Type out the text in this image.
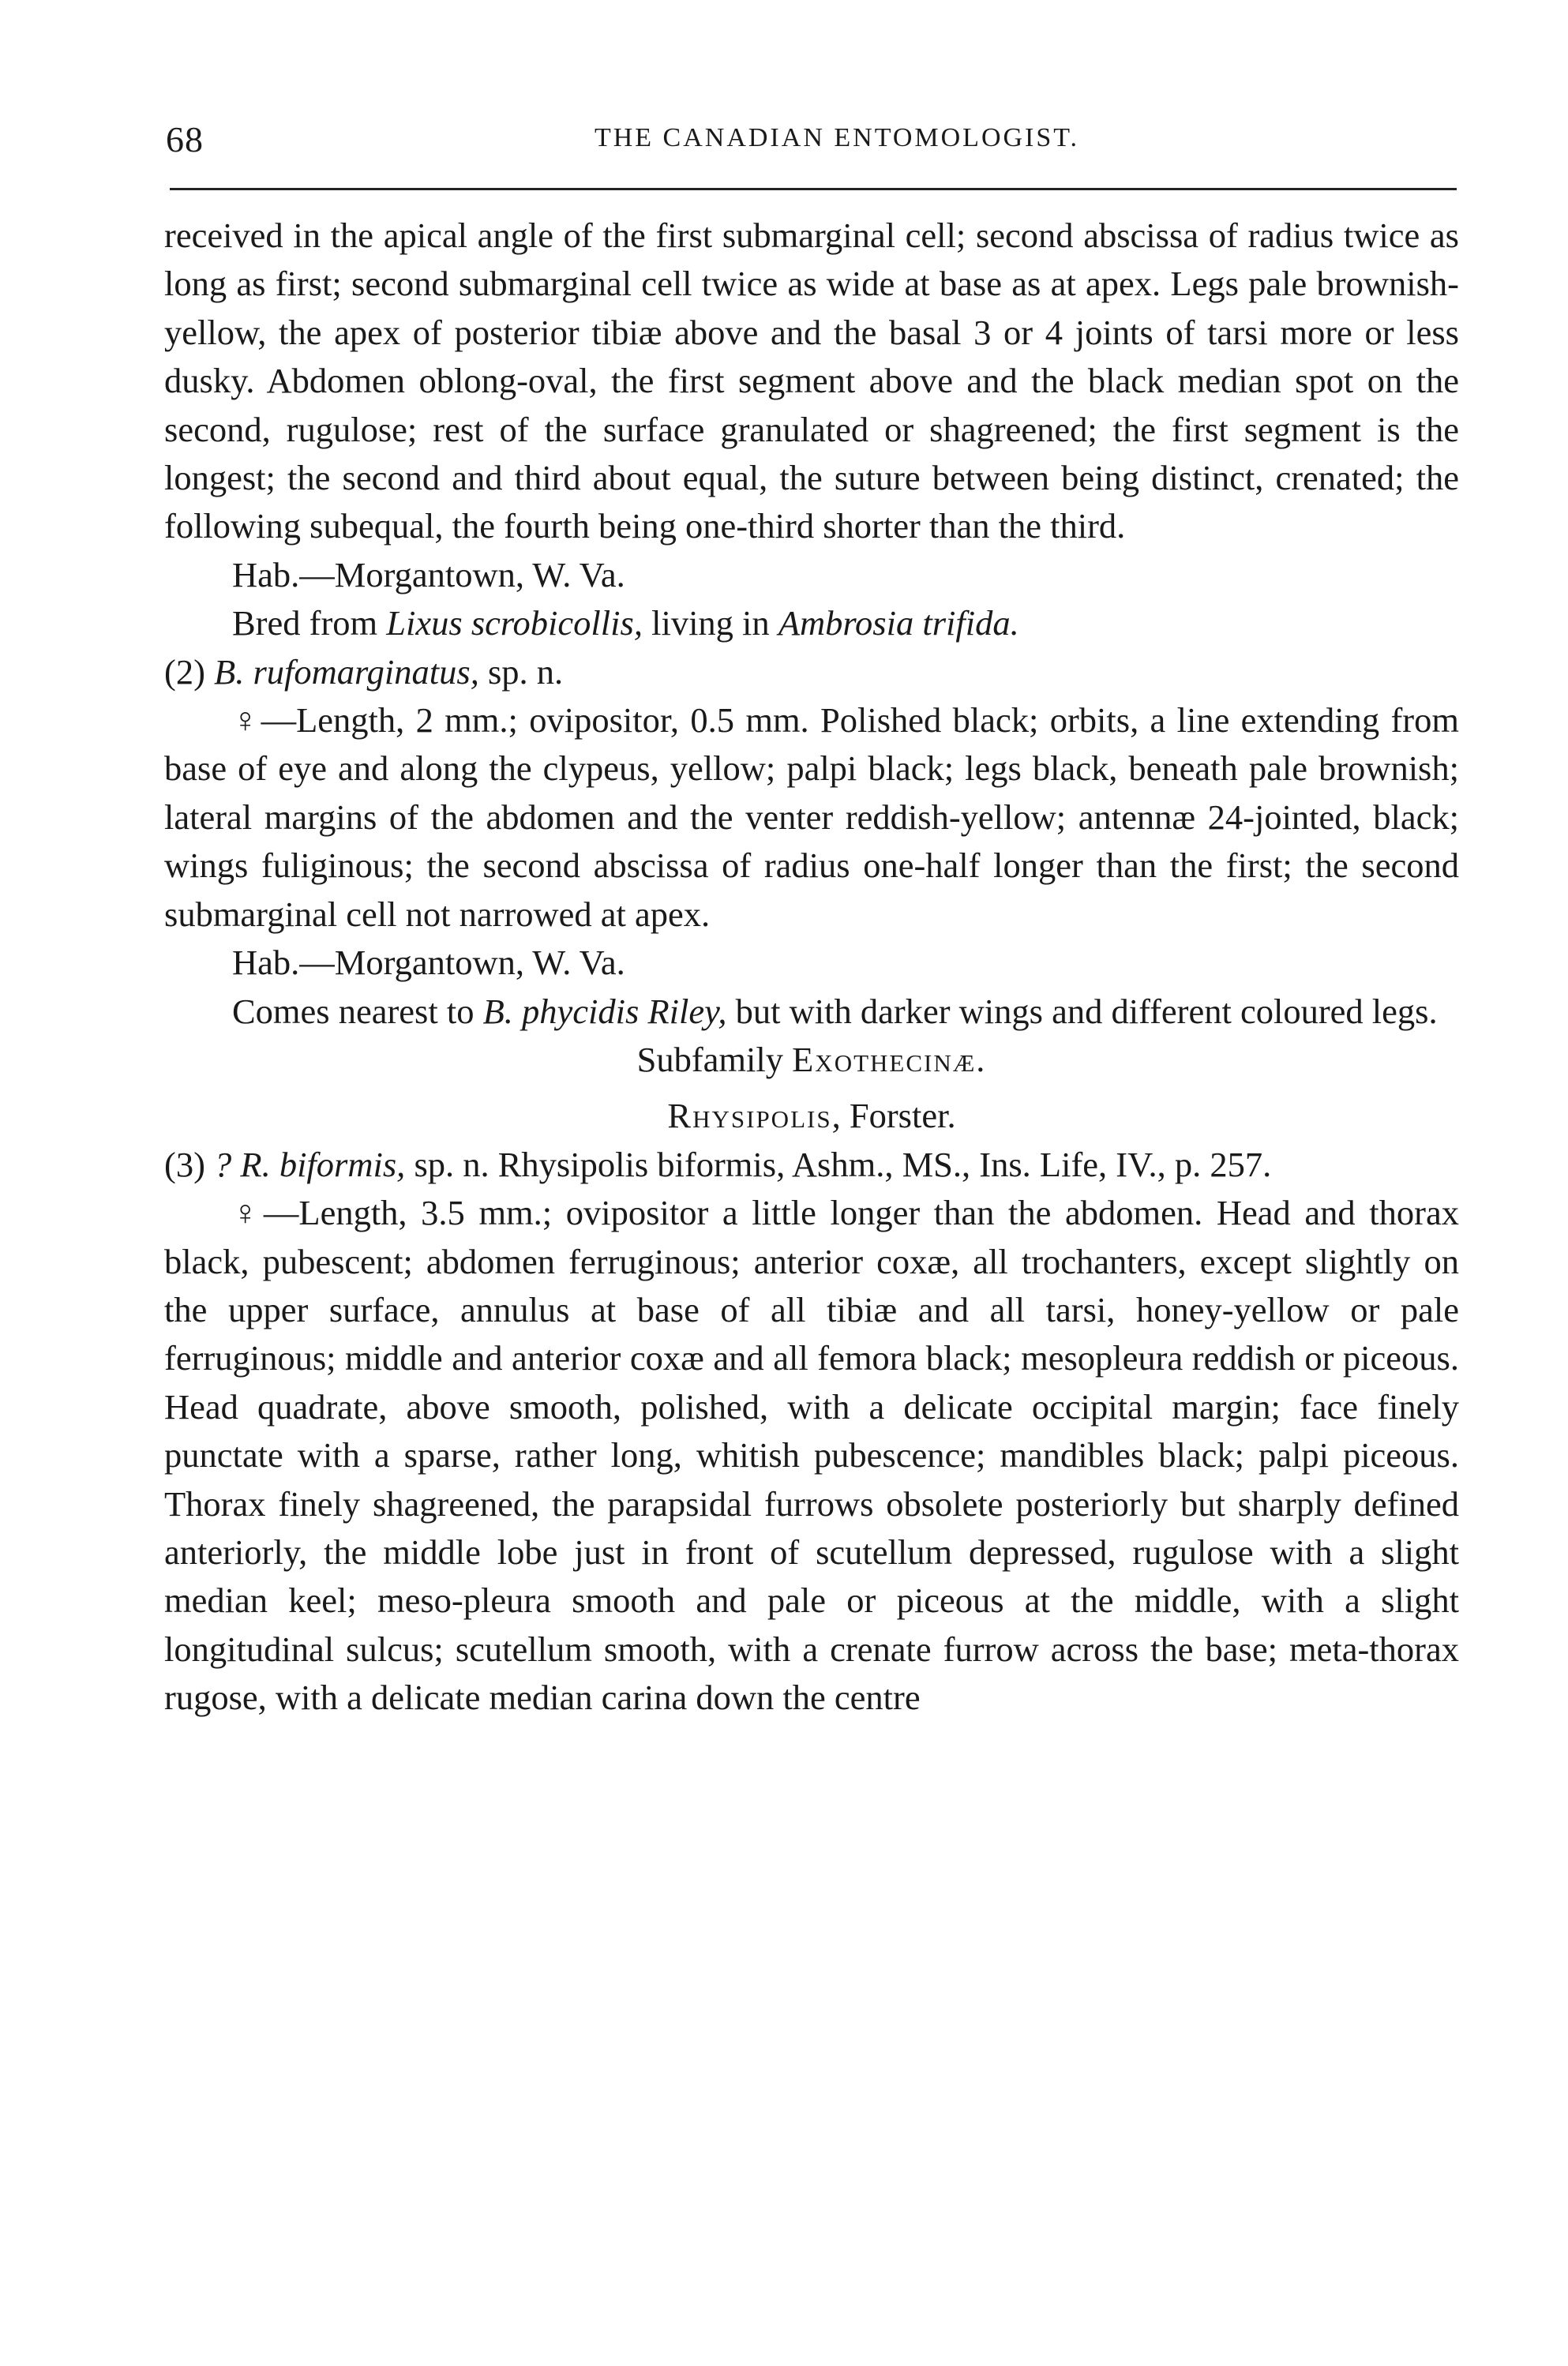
68	THE CANADIAN ENTOMOLOGIST.

received in the apical angle of the first submarginal cell; second abscissa of radius twice as long as first; second submarginal cell twice as wide at base as at apex. Legs pale brownish-yellow, the apex of posterior tibiæ above and the basal 3 or 4 joints of tarsi more or less dusky. Abdomen oblong-oval, the first segment above and the black median spot on the second, rugulose; rest of the surface granulated or shagreened; the first segment is the longest; the second and third about equal, the suture between being distinct, crenated; the following subequal, the fourth being one-third shorter than the third.

Hab.—Morgantown, W. Va.

Bred from Lixus scrobicollis, living in Ambrosia trifida.

(2) B. rufomarginatus, sp. n.

♀—Length, 2 mm.; ovipositor, 0.5 mm. Polished black; orbits, a line extending from base of eye and along the clypeus, yellow; palpi black; legs black, beneath pale brownish; lateral margins of the abdomen and the venter reddish-yellow; antennæ 24-jointed, black; wings fuliginous; the second abscissa of radius one-half longer than the first; the second submarginal cell not narrowed at apex.

Hab.—Morgantown, W. Va.

Comes nearest to B. phycidis Riley, but with darker wings and different coloured legs.

Subfamily Exothecinæ.

Rhysipolis, Forster.

(3) ? R. biformis, sp. n. Rhysipolis biformis, Ashm., MS., Ins. Life, IV., p. 257.

♀—Length, 3.5 mm.; ovipositor a little longer than the abdomen. Head and thorax black, pubescent; abdomen ferruginous; anterior coxæ, all trochanters, except slightly on the upper surface, annulus at base of all tibiæ and all tarsi, honey-yellow or pale ferruginous; middle and anterior coxæ and all femora black; mesopleura reddish or piceous. Head quadrate, above smooth, polished, with a delicate occipital margin; face finely punctate with a sparse, rather long, whitish pubescence; mandibles black; palpi piceous. Thorax finely shagreened, the parapsidal furrows obsolete posteriorly but sharply defined anteriorly, the middle lobe just in front of scutellum depressed, rugulose with a slight median keel; meso-pleura smooth and pale or piceous at the middle, with a slight longitudinal sulcus; scutellum smooth, with a crenate furrow across the base; meta-thorax rugose, with a delicate median carina down the centre
